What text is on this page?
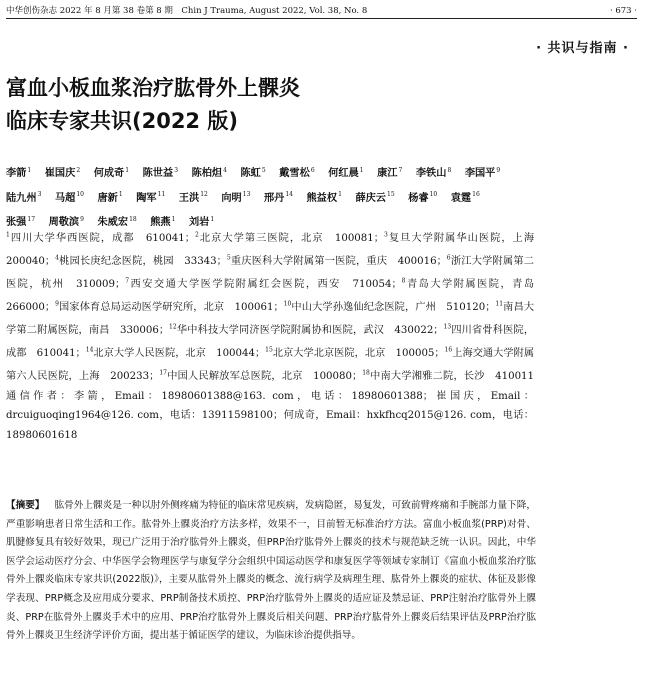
中华创伤杂志 2022 年 8 月第 38 卷第 8 期　Chin J Trauma, August 2022, Vol. 38, No. 8	· 673 ·
· 共识与指南 ·
富血小板血浆治疗肱骨外上髁炎
临床专家共识(2022 版)
李箭$^1$ 崔国庆$^2$ 何成奇$^1$ 陈世益$^3$ 陈柏炟$^4$ 陈虹$^5$ 戴雪松$^6$ 何红晨$^1$ 康江$^7$ 李铁山$^8$ 李国平$^9$ 陆九州$^3$ 马超$^{10}$ 唐新$^1$ 陶军$^{11}$ 王洪$^{12}$ 向明$^{13}$ 邢丹$^{14}$ 熊益权$^1$ 薛庆云$^{15}$ 杨睿$^{10}$ 袁霆$^{16}$ 张强$^{17}$ 周敬滨$^9$ 朱威宏$^{18}$ 熊燕$^1$ 刘岩$^1$
$^1$四川大学华西医院，成都　610041；$^2$北京大学第三医院，北京　100081；$^3$复旦大学附属华山医院，上海　200040；$^4$桃园长庚纪念医院，桃园　33343；$^5$重庆医科大学附属第一医院，重庆　400016；$^6$浙江大学附属第二医院，杭州　310009；$^7$西安交通大学医学院附属红会医院，西安　710054；$^8$青岛大学附属医院，青岛　266000；$^9$国家体育总局运动医学研究所，北京　100061；$^{10}$中山大学孙逸仙纪念医院，广州　510120；$^{11}$南昌大学第二附属医院，南昌　330006；$^{12}$华中科技大学同济医学院附属协和医院，武汉　430022；$^{13}$四川省骨科医院，成都　610041；$^{14}$北京大学人民医院，北京　100044；$^{15}$北京大学北京医院，北京　100005；$^{16}$上海交通大学附属第六人民医院，上海　200233；$^{17}$中国人民解放军总医院，北京　100080；$^{18}$中南大学湘雅二院，长沙　410011 通信作者：李箭，Email：18980601388@163. com，电话：18980601388；崔国庆，Email：drcuiguoqing1964@126. com，电话：13911598100；何成奇，Email：hxkfhcq2015@126. com，电话：18980601618
【摘要】 肱骨外上髁炎是一种以肘外侧疼痛为特征的临床常见疾病，发病隐匿，易复发，可致前臂疼痛和手腕部力量下降，严重影响患者日常生活和工作。肱骨外上髁炎治疗方法多样，效果不一，目前暂无标准治疗方法。富血小板血浆(PRP)对骨、肌腱修复具有较好效果，现已广泛用于治疗肱骨外上髁炎，但PRP治疗肱骨外上髁炎的技术与规范缺乏统一认识。因此，中华医学会运动医疗分会、中华医学会物理医学与康复学分会组织中国运动医学和康复医学等领域专家制订《富血小板血浆治疗肱骨外上髁炎临床专家共识(2022版)》，主要从肱骨外上髁炎的概念、流行病学及病理生理、肱骨外上髁炎的症状、体征及影像学表现、PRP概念及应用成分要求、PRP制备技术质控、PRP治疗肱骨外上髁炎的适应证及禁忌证、PRP注射治疗肱骨外上髁炎、PRP在肱骨外上髁炎手术中的应用、PRP治疗肱骨外上髁炎后相关问题、PRP治疗肱骨外上髁炎后结果评估及PRP治疗肱骨外上髁炎卫生经济学评价方面，提出基于循证医学的建议，为临床诊治提供指导。
